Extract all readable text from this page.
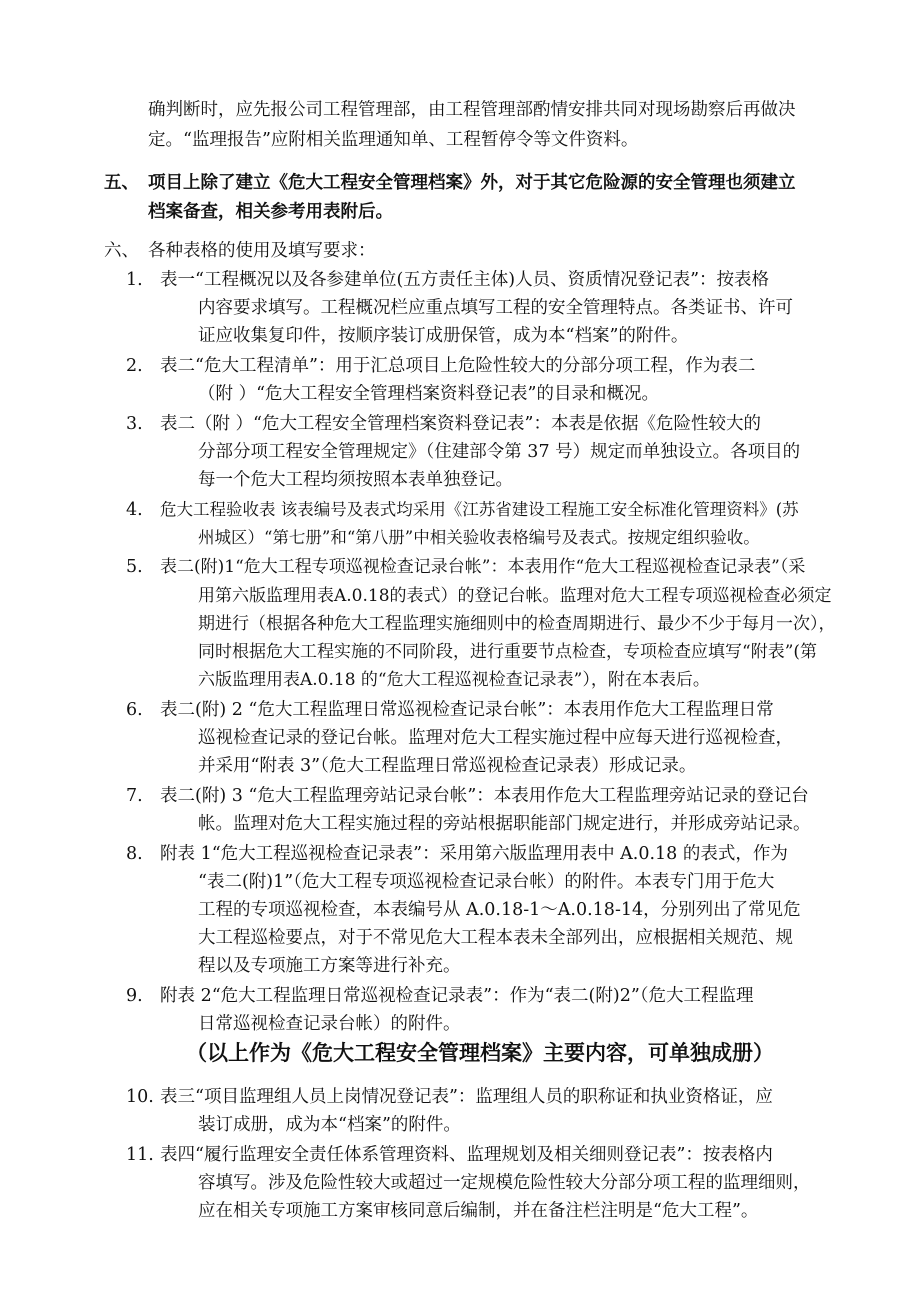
确判断时，应先报公司工程管理部，由工程管理部酌情安排共同对现场勘察后再做决
定。“监理报告”应附相关监理通知单、工程暂停令等文件资料。
五、 项目上除了建立《危大工程安全管理档案》外，对于其它危险源的安全管理也须建立
档案备查，相关参考用表附后。
六、 各种表格的使用及填写要求：
1. 表一“工程概况以及各参建单位(五方责任主体)人员、资质情况登记表”：按表格
内容要求填写。工程概况栏应重点填写工程的安全管理特点。各类证书、许可
证应收集复印件，按顺序装订成册保管，成为本“档案”的附件。
2. 表二“危大工程清单”：用于汇总项目上危险性较大的分部分项工程，作为表二
（附 ）“危大工程安全管理档案资料登记表”的目录和概况。
3. 表二（附 ）“危大工程安全管理档案资料登记表”：本表是依据《危险性较大的
分部分项工程安全管理规定》（住建部令第 37 号）规定而单独设立。各项目的
每一个危大工程均须按照本表单独登记。
4. 危大工程验收表 该表编号及表式均采用《江苏省建设工程施工安全标准化管理资料》(苏
州城区）“第七册”和“第八册”中相关验收表格编号及表式。按规定组织验收。
5. 表二(附)1“危大工程专项巡视检查记录台帐”：本表用作“危大工程巡视检查记录表”（采
用第六版监理用表A.0.18的表式）的登记台帐。监理对危大工程专项巡视检查必须定
期进行（根据各种危大工程监理实施细则中的检查周期进行、最少不少于每月一次），
同时根据危大工程实施的不同阶段，进行重要节点检查，专项检查应填写“附表”(第
六版监理用表A.0.18 的“危大工程巡视检查记录表”），附在本表后。
6. 表二(附) 2 “危大工程监理日常巡视检查记录台帐”：本表用作危大工程监理日常
巡视检查记录的登记台帐。监理对危大工程实施过程中应每天进行巡视检查，
并采用“附表 3”（危大工程监理日常巡视检查记录表）形成记录。
7. 表二(附) 3 “危大工程监理旁站记录台帐”：本表用作危大工程监理旁站记录的登记台
帐。监理对危大工程实施过程的旁站根据职能部门规定进行，并形成旁站记录。
8. 附表 1“危大工程巡视检查记录表”：采用第六版监理用表中 A.0.18 的表式，作为
“表二(附)1”（危大工程专项巡视检查记录台帐）的附件。本表专门用于危大
工程的专项巡视检查，本表编号从 A.0.18-1～A.0.18-14，分别列出了常见危
大工程巡检要点，对于不常见危大工程本表未全部列出，应根据相关规范、规
程以及专项施工方案等进行补充。
9. 附表 2“危大工程监理日常巡视检查记录表”：作为“表二(附)2”（危大工程监理
日常巡视检查记录台帐）的附件。
（以上作为《危大工程安全管理档案》主要内容，可单独成册）
10. 表三“项目监理组人员上岗情况登记表”：监理组人员的职称证和执业资格证，应
装订成册，成为本“档案”的附件。
11. 表四“履行监理安全责任体系管理资料、监理规划及相关细则登记表”：按表格内
容填写。涉及危险性较大或超过一定规模危险性较大分部分项工程的监理细则，
应在相关专项施工方案审核同意后编制，并在备注栏注明是“危大工程”。
